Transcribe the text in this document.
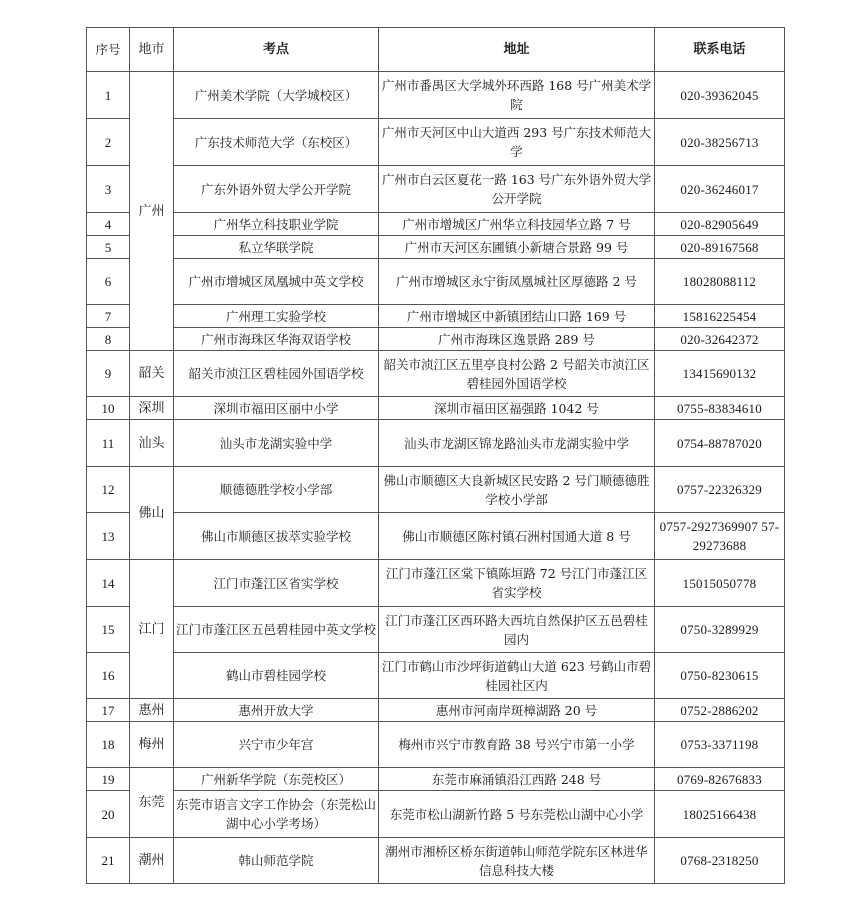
序号	地市	考点	地址	联系电话
1	广州	广州美术学院（大学城校区）	广州市番禺区大学城外环西路 168 号广州美术学院	020-39362045
2		广东技术师范大学（东校区）	广州市天河区中山大道西 293 号广东技术师范大学	020-38256713
3		广东外语外贸大学公开学院	广州市白云区夏花一路 163 号广东外语外贸大学公开学院	020-36246017
4		广州华立科技职业学院	广州市增城区广州华立科技园华立路 7 号	020-82905649
5		私立华联学院	广州市天河区东圃镇小新塘合景路 99 号	020-89167568
6		广州市增城区凤凰城中英文学校	广州市增城区永宁街凤凰城社区厚德路 2 号	18028088112
7		广州理工实验学校	广州市增城区中新镇团结山口路 169 号	15816225454
8		广州市海珠区华海双语学校	广州市海珠区逸景路 289 号	020-32642372
9	韶关	韶关市浈江区碧桂园外国语学校	韶关市浈江区五里亭良村公路 2 号韶关市浈江区碧桂园外国语学校	13415690132
10	深圳	深圳市福田区丽中小学	深圳市福田区福强路 1042 号	0755-83834610
11	汕头	汕头市龙湖实验中学	汕头市龙湖区锦龙路汕头市龙湖实验中学	0754-88787020
12	佛山	顺德德胜学校小学部	佛山市顺德区大良新城区民安路 2 号门顺德德胜学校小学部	0757-22326329
13		佛山市顺德区拔萃实验学校	佛山市顺德区陈村镇石洲村国通大道 8 号	0757-2927369907 57-29273688
14	江门	江门市蓬江区省实学校	江门市蓬江区棠下镇陈垣路 72 号江门市蓬江区省实学校	15015050778
15		江门市蓬江区五邑碧桂园中英文学校	江门市蓬江区西环路大西坑自然保护区五邑碧桂园内	0750-3289929
16		鹤山市碧桂园学校	江门市鹤山市沙坪街道鹤山大道 623 号鹤山市碧桂园社区内	0750-8230615
17	惠州	惠州开放大学	惠州市河南岸斑樟湖路 20 号	0752-2886202
18	梅州	兴宁市少年宫	梅州市兴宁市教育路 38 号兴宁市第一小学	0753-3371198
19	东莞	广州新华学院（东莞校区）	东莞市麻涌镇沿江西路 248 号	0769-82676833
20		东莞市语言文字工作协会（东莞松山湖中心小学考场）	东莞市松山湖新竹路 5 号东莞松山湖中心小学	18025166438
21	潮州	韩山师范学院	潮州市湘桥区桥东街道韩山师范学院东区林进华信息科技大楼	0768-2318250
